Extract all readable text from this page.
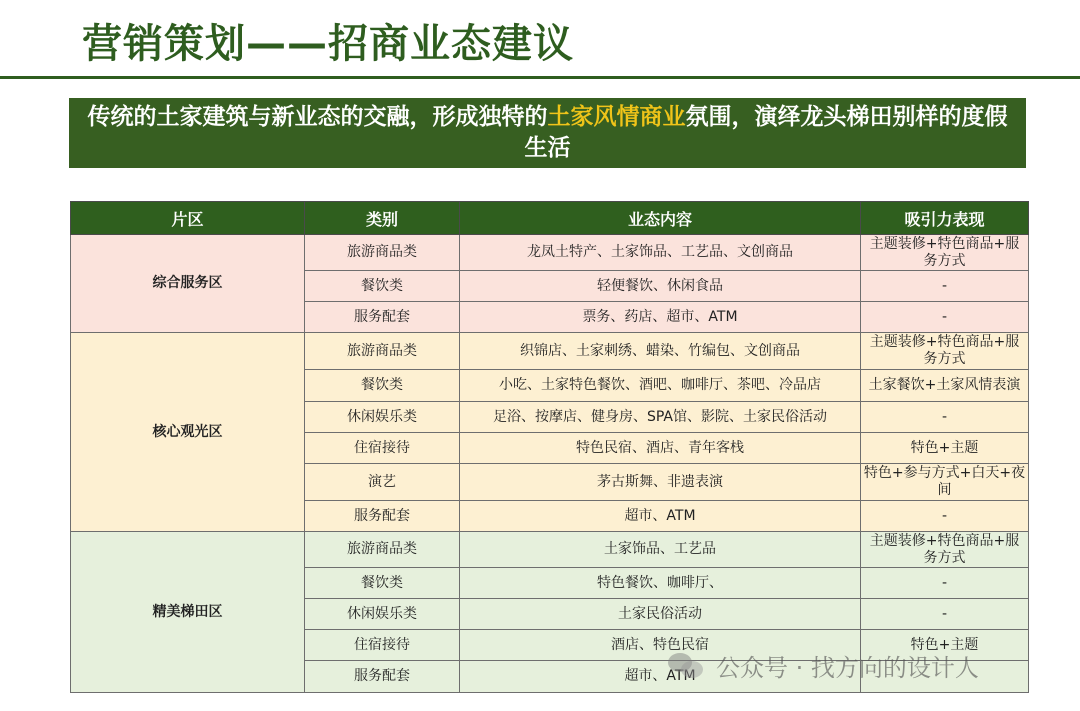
营销策划——招商业态建议
传统的土家建筑与新业态的交融，形成独特的土家风情商业氛围，演绎龙头梯田别样的度假生活
片区	类别	业态内容	吸引力表现
综合服务区	旅游商品类	龙凤土特产、土家饰品、工艺品、文创商品	主题装修+特色商品+服务方式
	餐饮类	轻便餐饮、休闲食品	-
	服务配套	票务、药店、超市、ATM	-
核心观光区	旅游商品类	织锦店、土家刺绣、蜡染、竹编包、文创商品	主题装修+特色商品+服务方式
	餐饮类	小吃、土家特色餐饮、酒吧、咖啡厅、茶吧、冷品店	土家餐饮+土家风情表演
	休闲娱乐类	足浴、按摩店、健身房、SPA馆、影院、土家民俗活动	-
	住宿接待	特色民宿、酒店、青年客栈	特色+主题
	演艺	茅古斯舞、非遗表演	特色+参与方式+白天+夜间
	服务配套	超市、ATM	-
精美梯田区	旅游商品类	土家饰品、工艺品	主题装修+特色商品+服务方式
	餐饮类	特色餐饮、咖啡厅、	-
	休闲娱乐类	土家民俗活动	-
	住宿接待	酒店、特色民宿	特色+主题
	服务配套	超市、ATM	公众号 · 找方向的设计人
